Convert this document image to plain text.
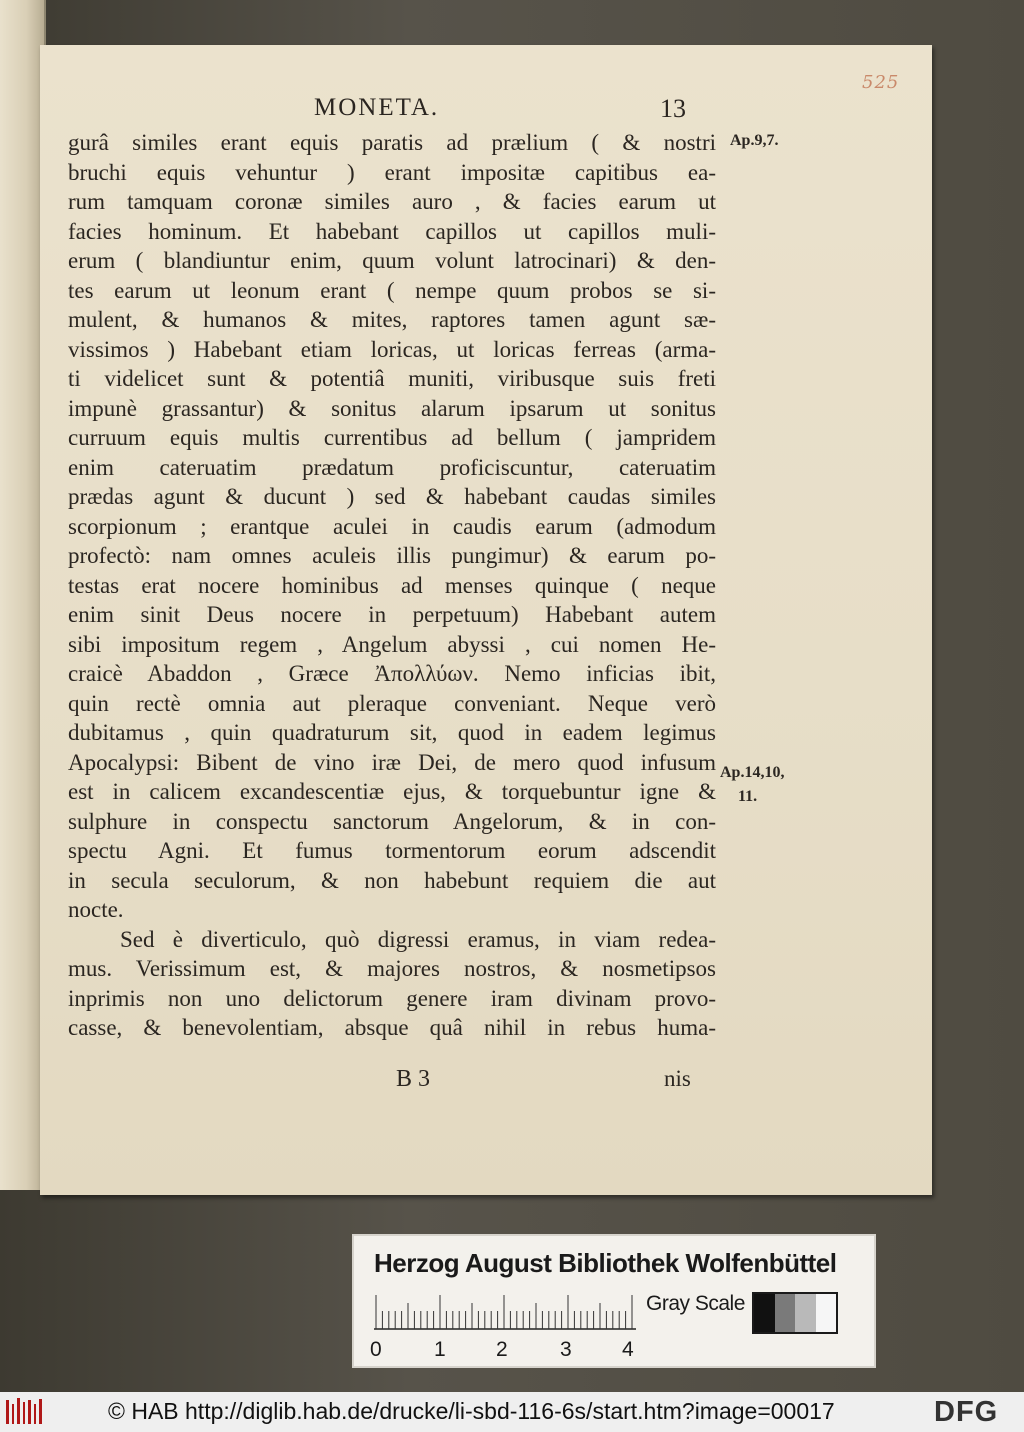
525
MONETA.	13
gurâ similes erant equis paratis ad prælium ( & nostri
bruchi equis vehuntur ) erant impositæ capitibus ea-
rum tamquam coronæ similes auro , & facies earum ut
facies hominum. Et habebant capillos ut capillos muli-
erum ( blandiuntur enim, quum volunt latrocinari) & den-
tes earum ut leonum erant ( nempe quum probos se si-
mulent, & humanos & mites, raptores tamen agunt sæ-
vissimos ) Habebant etiam loricas, ut loricas ferreas (arma-
ti videlicet sunt & potentiâ muniti, viribusque suis freti
impunè grassantur) & sonitus alarum ipsarum ut sonitus
curruum equis multis currentibus ad bellum ( jampridem
enim cateruatim prædatum proficiscuntur, cateruatim
prædas agunt & ducunt ) sed & habebant caudas similes
scorpionum ; erantque aculei in caudis earum (admodum
profectò: nam omnes aculeis illis pungimur) & earum po-
testas erat nocere hominibus ad menses quinque ( neque
enim sinit Deus nocere in perpetuum) Habebant autem
sibi impositum regem , Angelum abyssi , cui nomen He-
craicè Abaddon , Græce Ἀπολλύων. Nemo inficias ibit,
quin rectè omnia aut pleraque conveniant. Neque verò
dubitamus , quin quadraturum sit, quod in eadem legimus
Apocalypsi: Bibent de vino iræ Dei, de mero quod infusum
est in calicem excandescentiæ ejus, & torquebuntur igne &
sulphure in conspectu sanctorum Angelorum, & in con-
spectu Agni. Et fumus tormentorum eorum adscendit
in secula seculorum, & non habebunt requiem die aut
nocte.
Sed è diverticulo, quò digressi eramus, in viam redea-
mus. Verissimum est, & majores nostros, & nosmetipsos
inprimis non uno delictorum genere iram divinam provo-
casse, & benevolentiam, absque quâ nihil in rebus huma-
Ap.9,7.
Ap.14,10,
11.
B 3	nis
Herzog August Bibliothek Wolfenbüttel
0 1 2 3 4
Gray Scale
© HAB http://diglib.hab.de/drucke/li-sbd-116-6s/start.htm?image=00017	DFG
